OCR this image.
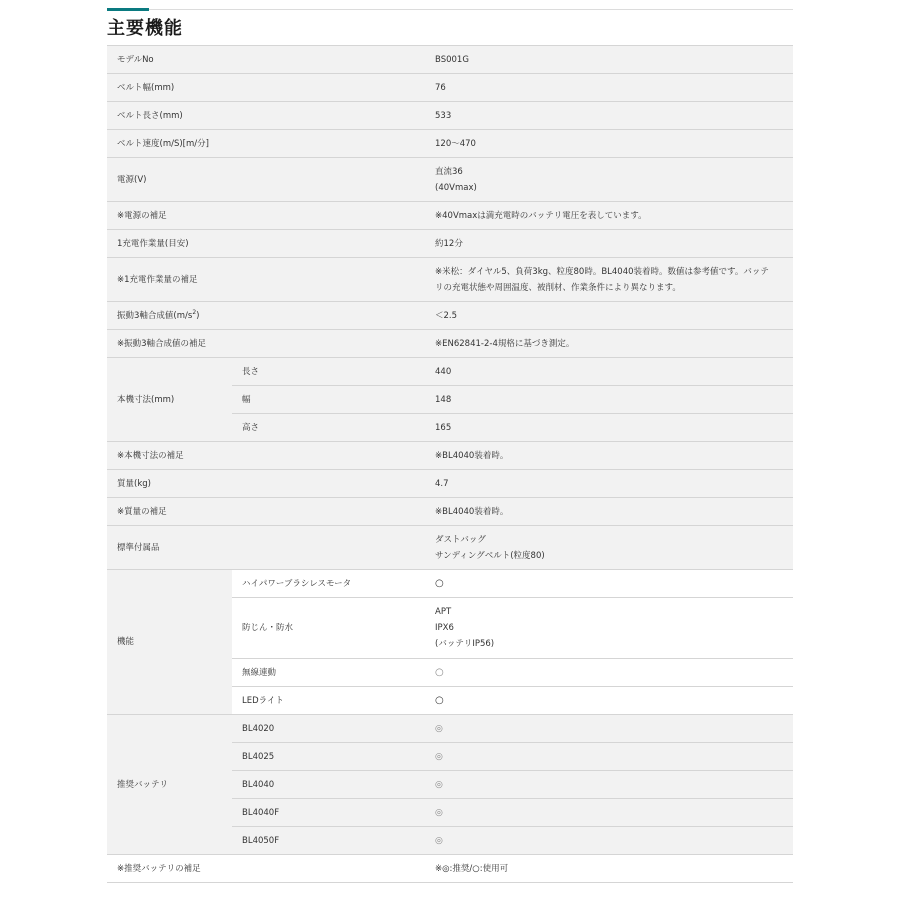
主要機能
モデルNo		BS001G
ベルト幅(mm)		76
ベルト長さ(mm)		533
ベルト速度(m/S)[m/分]		120〜470
電源(V)		直流36
(40Vmax)

※電源の補足		※40Vmaxは満充電時のバッテリ電圧を表しています。
1充電作業量(目安)		約12分
※1充電作業量の補足		※米松：ダイヤル5、負荷3kg、粒度80時。BL4040装着時。数値は参考値です。バッテ
リの充電状態や周囲温度、被削材、作業条件により異なります。

振動3軸合成値$(m/s^2)$		＜2.5
※振動3軸合成値の補足		※EN62841-2-4規格に基づき測定。
本機寸法(mm)	長さ	440
	幅	148
	高さ	165
※本機寸法の補足		※BL4040装着時。
質量(kg)		4.7
※質量の補足		※BL4040装着時。
標準付属品		ダストバッグ
サンディングベルト(粒度80)

機能	ハイパワーブラシレスモータ	○
	防じん・防水	APT
IPX6
(バッテリIP56)

	無線連動	○
	LEDライト	○
推奨バッテリ	BL4020	◎
	BL4025	◎
	BL4040	◎
	BL4040F	◎
	BL4050F	◎
※推奨バッテリの補足		※◎:推奨/○:使用可
